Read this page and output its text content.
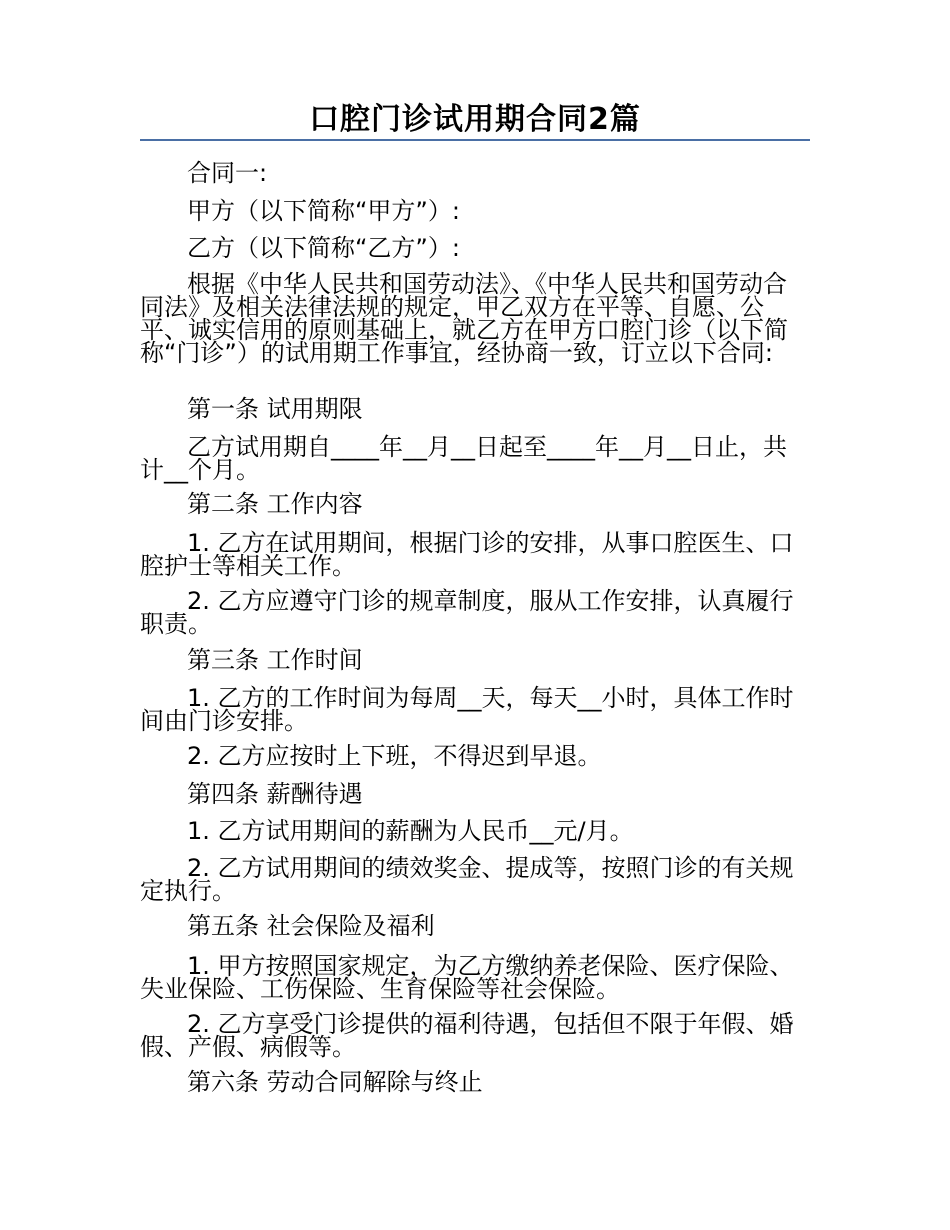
口腔门诊试用期合同2篇
合同一:
甲方（以下简称“甲方”）:
乙方（以下简称“乙方”）:
根据《中华人民共和国劳动法》、《中华人民共和国劳动合同法》及相关法律法规的规定，甲乙双方在平等、自愿、公平、诚实信用的原则基础上，就乙方在甲方口腔门诊（以下简称“门诊”）的试用期工作事宜，经协商一致，订立以下合同:
第一条 试用期限
乙方试用期自____年__月__日起至____年__月__日止，共计__个月。
第二条 工作内容
1. 乙方在试用期间，根据门诊的安排，从事口腔医生、口腔护士等相关工作。
2. 乙方应遵守门诊的规章制度，服从工作安排，认真履行职责。
第三条 工作时间
1. 乙方的工作时间为每周__天，每天__小时，具体工作时间由门诊安排。
2. 乙方应按时上下班，不得迟到早退。
第四条 薪酬待遇
1. 乙方试用期间的薪酬为人民币__元/月。
2. 乙方试用期间的绩效奖金、提成等，按照门诊的有关规定执行。
第五条 社会保险及福利
1. 甲方按照国家规定，为乙方缴纳养老保险、医疗保险、失业保险、工伤保险、生育保险等社会保险。
2. 乙方享受门诊提供的福利待遇，包括但不限于年假、婚假、产假、病假等。
第六条 劳动合同解除与终止
